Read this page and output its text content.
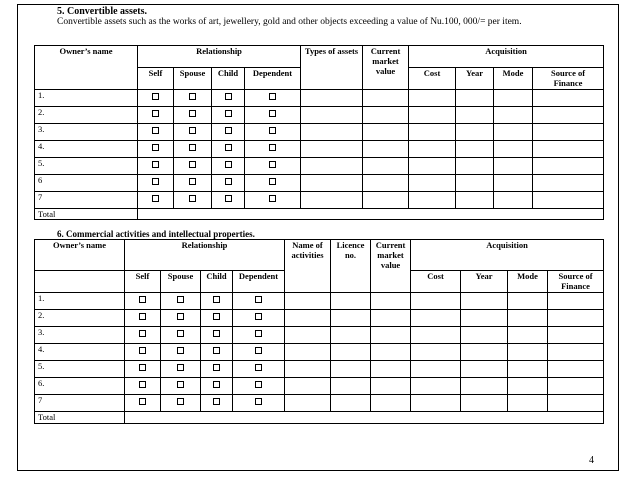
5. Convertible assets.
Convertible assets such as the works of art, jewellery, gold and other objects exceeding a value of Nu.100, 000/= per item.
Owner’s name	Relationship				Types of assets	Current market value	Acquisition			
	Self	Spouse	Child	Dependent			Cost	Year	Mode	Source of Finance
1.										
2.										
3.										
4.										
5.										
6										
7										
Total										
6. Commercial activities and intellectual properties.
Owner’s name	Relationship				Name of activities	Licence no.	Current market value	Acquisition			
	Self	Spouse	Child	Dependent				Cost	Year	Mode	Source of Finance
1.											
2.											
3.											
4.											
5.											
6.											
7											
Total											
4
